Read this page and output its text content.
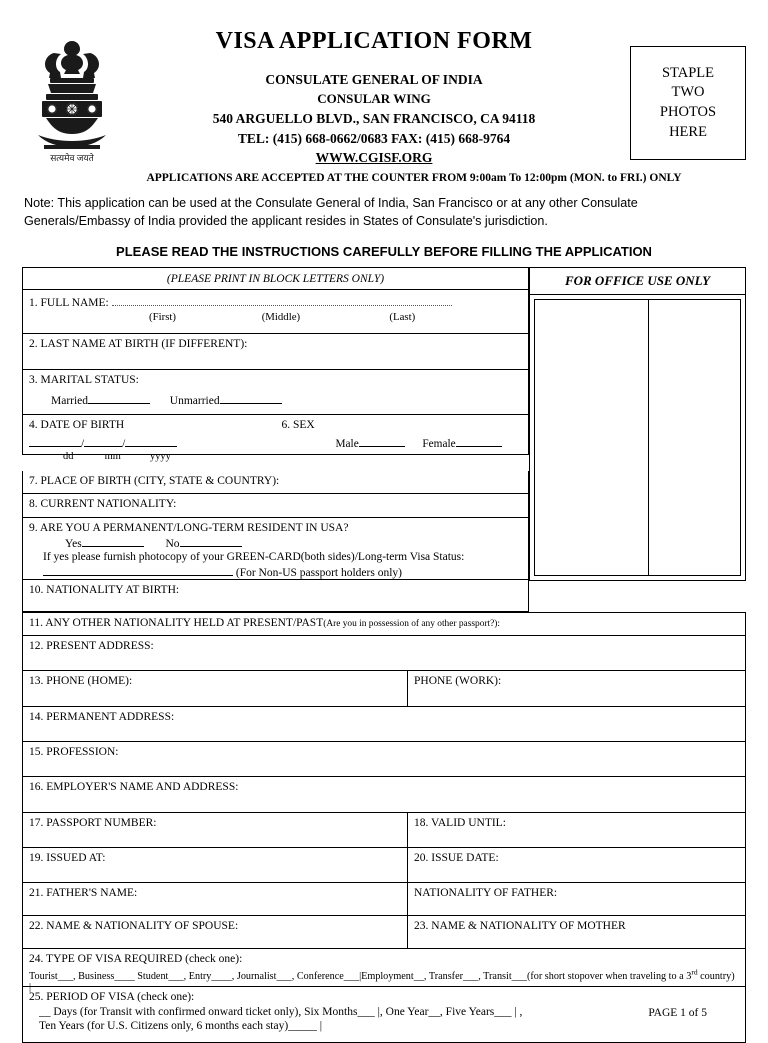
सत्यमेव जयते
STAPLE
TWO
PHOTOS
HERE
VISA APPLICATION FORM
CONSULATE GENERAL OF INDIA
CONSULAR WING
540 ARGUELLO BLVD., SAN FRANCISCO, CA 94118
TEL: (415) 668-0662/0683 FAX: (415) 668-9764
WWW.CGISF.ORG
APPLICATIONS ARE ACCEPTED AT THE COUNTER FROM 9:00am To 12:00pm (MON. to FRI.) ONLY
Note: This application can be used at the Consulate General of India, San Francisco or at any other Consulate Generals/Embassy of India provided the applicant resides in States of Consulate's jurisdiction.
PLEASE READ THE INSTRUCTIONS CAREFULLY BEFORE FILLING THE APPLICATION
(PLEASE PRINT IN BLOCK LETTERS ONLY)
1. FULL NAME:
(First)	(Middle)	(Last)
2. LAST NAME AT BIRTH (IF DIFFERENT):
3. MARITAL STATUS:
Married	Unmarried
4. DATE OF BIRTH
/	/
dd	mm	yyyy
6. SEX
Male	Female
7. PLACE OF BIRTH (CITY, STATE & COUNTRY):
8. CURRENT NATIONALITY:
9. ARE YOU A PERMANENT/LONG-TERM RESIDENT IN USA?
Yes	No
If yes please furnish photocopy of your GREEN-CARD(both sides)/Long-term Visa Status:
(For Non-US passport holders only)
10. NATIONALITY AT BIRTH:
FOR OFFICE USE ONLY
11. ANY OTHER NATIONALITY HELD AT PRESENT/PAST(Are you in possession of any other passport?):
12. PRESENT ADDRESS:
13. PHONE (HOME):	PHONE (WORK):
14. PERMANENT ADDRESS:
15. PROFESSION:
16. EMPLOYER'S NAME AND ADDRESS:
17. PASSPORT NUMBER:	18. VALID UNTIL:
19. ISSUED AT:	20. ISSUE DATE:
21. FATHER'S NAME:	NATIONALITY OF FATHER:
22. NAME & NATIONALITY OF SPOUSE:	23. NAME & NATIONALITY OF MOTHER
24. TYPE OF VISA REQUIRED (check one):
Tourist___, Business____ Student___, Entry____, Journalist___, Conference___|Employment__, Transfer___, Transit___(for short stopover when traveling to a 3rd country) |
25. PERIOD OF VISA (check one):
__ Days (for Transit with confirmed onward ticket only), Six Months___ |, One Year__, Five Years___ | ,
Ten Years (for U.S. Citizens only, 6 months each stay)_____ |
PAGE 1 of 5
